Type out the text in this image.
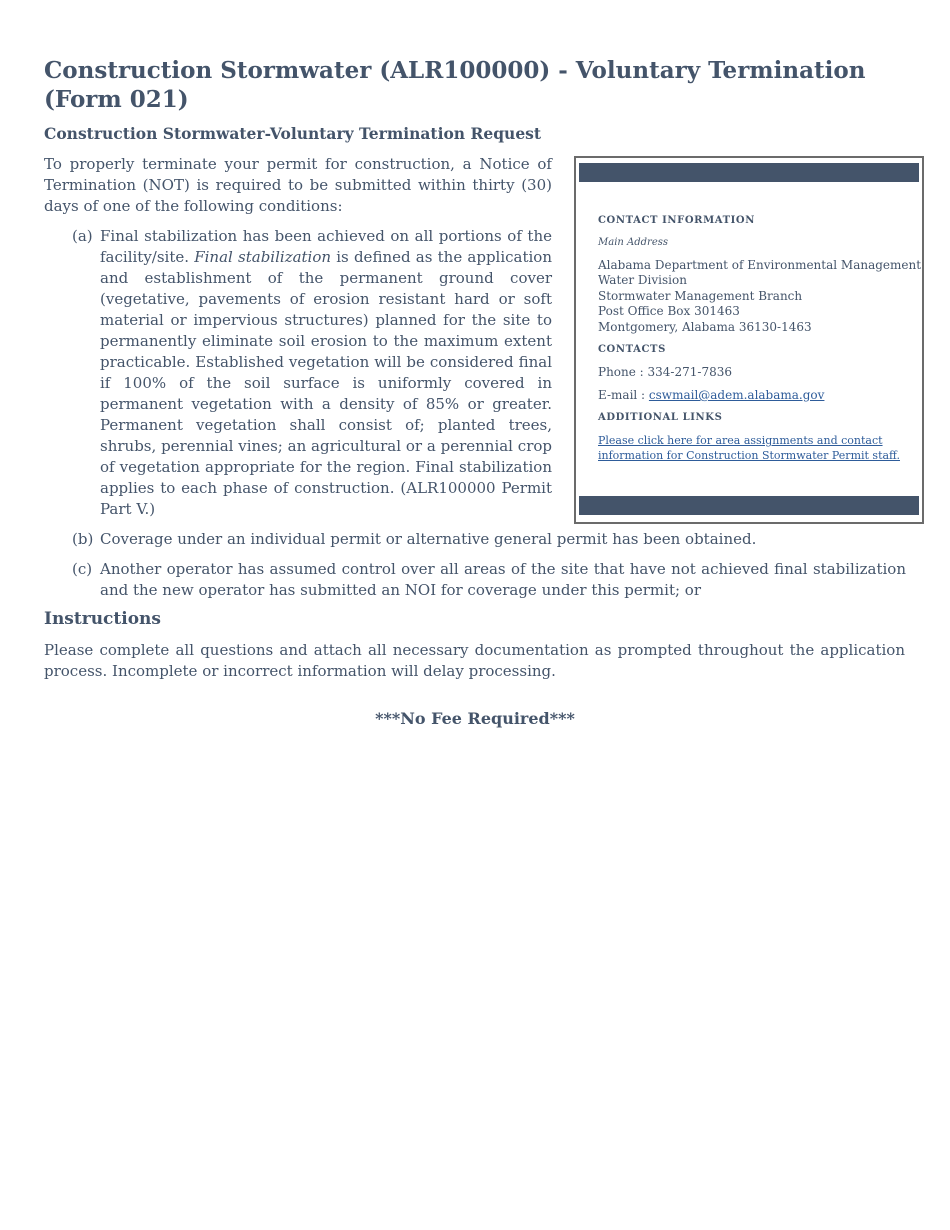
Construction Stormwater (ALR100000) - Voluntary Termination (Form 021)
Construction Stormwater-Voluntary Termination Request

To properly terminate your permit for construction, a Notice of Termination (NOT) is required to be submitted within thirty (30) days of one of the following conditions:

(a) Final stabilization has been achieved on all portions of the facility/site. Final stabilization is defined as the application and establishment of the permanent ground cover (vegetative, pavements of erosion resistant hard or soft material or impervious structures) planned for the site to permanently eliminate soil erosion to the maximum extent practicable. Established vegetation will be considered final if 100% of the soil surface is uniformly covered in permanent vegetation with a density of 85% or greater. Permanent vegetation shall consist of; planted trees, shrubs, perennial vines; an agricultural or a perennial crop of vegetation appropriate for the region. Final stabilization applies to each phase of construction. (ALR100000 Permit Part V.)
(b) Coverage under an individual permit or alternative general permit has been obtained.
(c) Another operator has assumed control over all areas of the site that have not achieved final stabilization and the new operator has submitted an NOI for coverage under this permit; or
Instructions

Please complete all questions and attach all necessary documentation as prompted throughout the application process. Incomplete or incorrect information will delay processing.

***No Fee Required***

CONTACT INFORMATION

Main Address

Alabama Department of Environmental Management
Water Division
Stormwater Management Branch
Post Office Box 301463
Montgomery, Alabama 36130-1463

CONTACTS

Phone : 334-271-7836

E-mail : cswmail@adem.alabama.gov

ADDITIONAL LINKS

Please click here for area assignments and contact
information for Construction Stormwater Permit staff.
